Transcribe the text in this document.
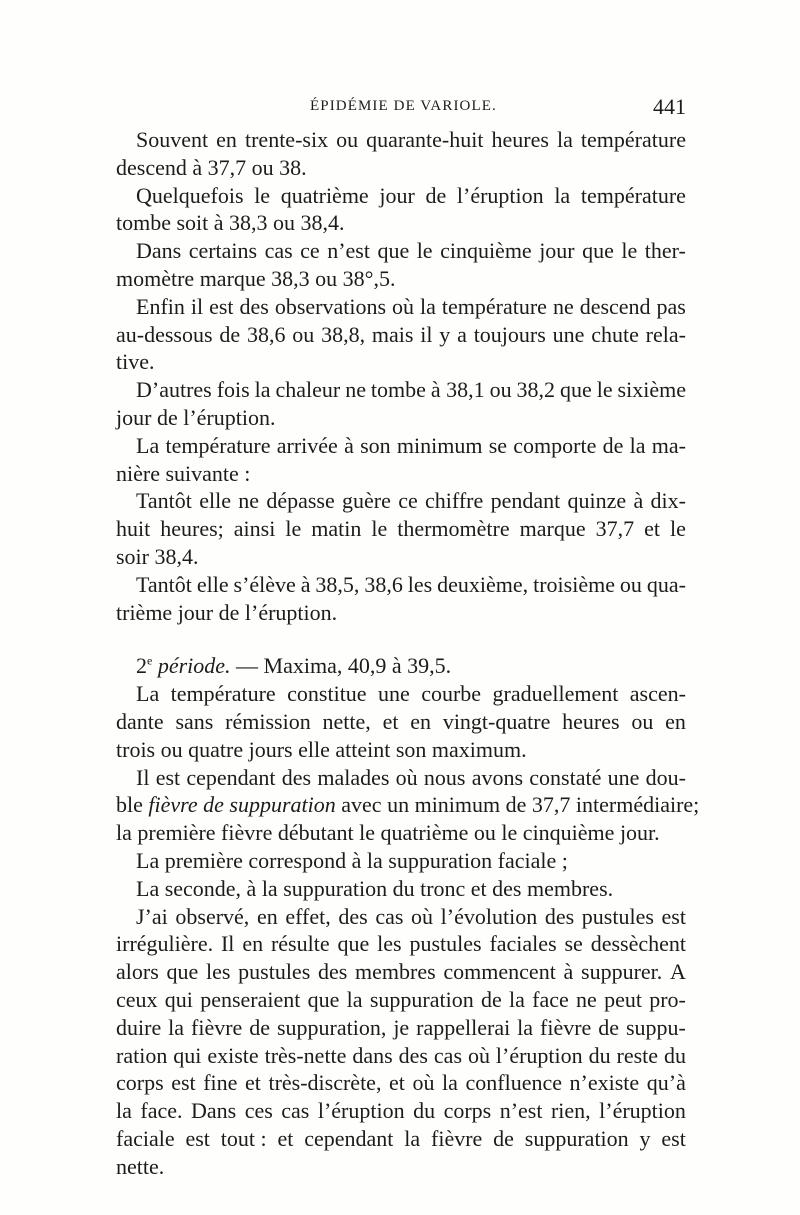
ÉPIDÉMIE DE VARIOLE.	441
Souvent en trente-six ou quarante-huit heures la température
descend à 37,7 ou 38.
Quelquefois le quatrième jour de l’éruption la température
tombe soit à 38,3 ou 38,4.
Dans certains cas ce n’est que le cinquième jour que le ther-
momètre marque 38,3 ou 38°,5.
Enfin il est des observations où la température ne descend pas
au-dessous de 38,6 ou 38,8, mais il y a toujours une chute rela-
tive.
D’autres fois la chaleur ne tombe à 38,1 ou 38,2 que le sixième
jour de l’éruption.
La température arrivée à son minimum se comporte de la ma-
nière suivante :
Tantôt elle ne dépasse guère ce chiffre pendant quinze à dix-
huit heures; ainsi le matin le thermomètre marque 37,7 et le
soir 38,4.
Tantôt elle s’élève à 38,5, 38,6 les deuxième, troisième ou qua-
trième jour de l’éruption.
2e période. — Maxima, 40,9 à 39,5.
La température constitue une courbe graduellement ascen-
dante sans rémission nette, et en vingt-quatre heures ou en
trois ou quatre jours elle atteint son maximum.
Il est cependant des malades où nous avons constaté une dou-
ble fièvre de suppuration avec un minimum de 37,7 intermédiaire;
la première fièvre débutant le quatrième ou le cinquième jour.
La première correspond à la suppuration faciale ;
La seconde, à la suppuration du tronc et des membres.
J’ai observé, en effet, des cas où l’évolution des pustules est
irrégulière. Il en résulte que les pustules faciales se dessèchent
alors que les pustules des membres commencent à suppurer. A
ceux qui penseraient que la suppuration de la face ne peut pro-
duire la fièvre de suppuration, je rappellerai la fièvre de suppu-
ration qui existe très-nette dans des cas où l’éruption du reste du
corps est fine et très-discrète, et où la confluence n’existe qu’à
la face. Dans ces cas l’éruption du corps n’est rien, l’éruption
faciale est tout : et cependant la fièvre de suppuration y est
nette.
